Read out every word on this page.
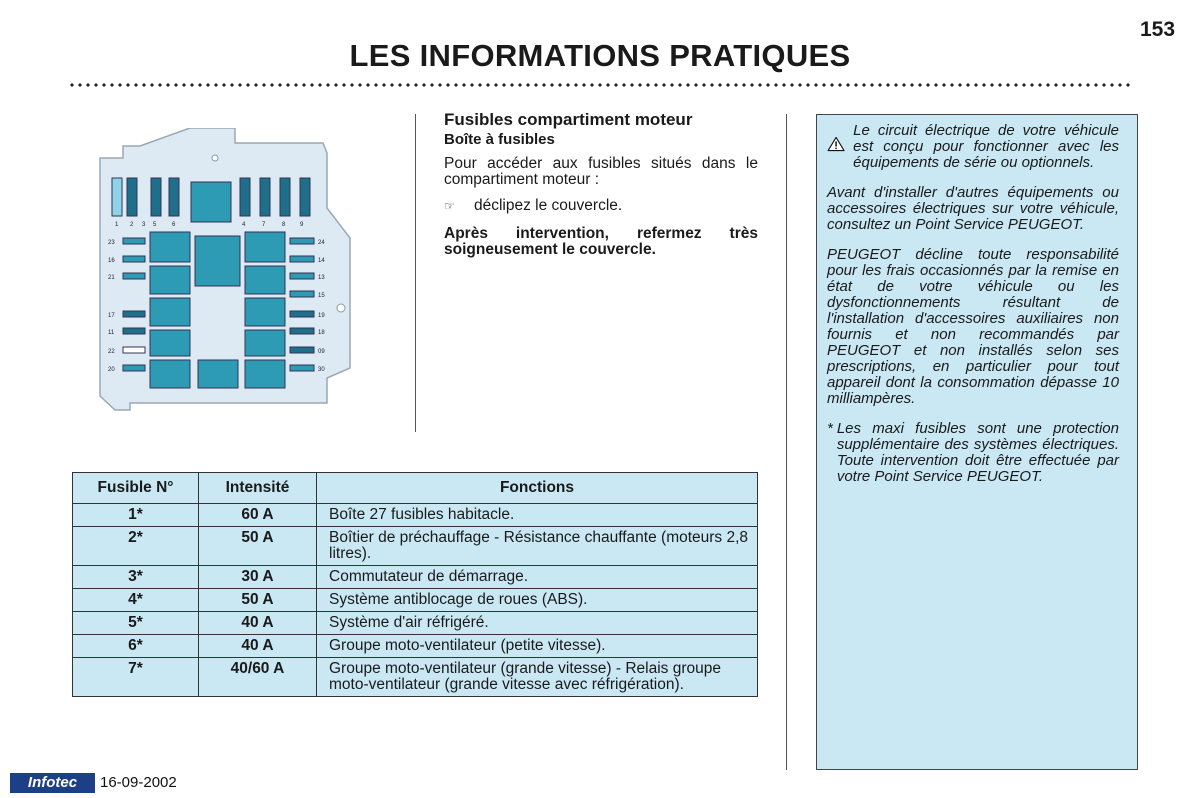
153
LES INFORMATIONS PRATIQUES
1 2 3 5	6	4	7	8 9
23
16
21
17
11
22
20
24
14
13
15
19
18
09
30
Fusibles compartiment moteur
Boîte à fusibles

Pour accéder aux fusibles situés dans le compartiment moteur :

☞	déclipez le couvercle.

Après intervention, refermez très soigneusement le couvercle.

Fusible N°	Intensité	Fonctions
1*	60 A	Boîte 27 fusibles habitacle.
2*	50 A	Boîtier de préchauffage - Résistance chauffante (moteurs 2,8 litres).
3*	30 A	Commutateur de démarrage.
4*	50 A	Système antiblocage de roues (ABS).
5*	40 A	Système d'air réfrigéré.
6*	40 A	Groupe moto-ventilateur (petite vitesse).
7*	40/60 A	Groupe moto-ventilateur (grande vitesse) - Relais groupe moto-ventilateur (grande vitesse avec réfrigération).
Le circuit électrique de votre véhicule est conçu pour fonctionner avec les équipements de série ou optionnels.

Avant d'installer d'autres équipements ou accessoires électriques sur votre véhicule, consultez un Point Service PEUGEOT.

PEUGEOT décline toute responsabilité pour les frais occasionnés par la remise en état de votre véhicule ou les dysfonctionnements résultant de l'installation d'accessoires auxiliaires non fournis et non recommandés par PEUGEOT et non installés selon ses prescriptions, en particulier pour tout appareil dont la consommation dépasse 10 milliampères.

* Les maxi fusibles sont une protection supplémentaire des systèmes électriques. Toute intervention doit être effectuée par votre Point Service PEUGEOT.
Infotec	16-09-2002
